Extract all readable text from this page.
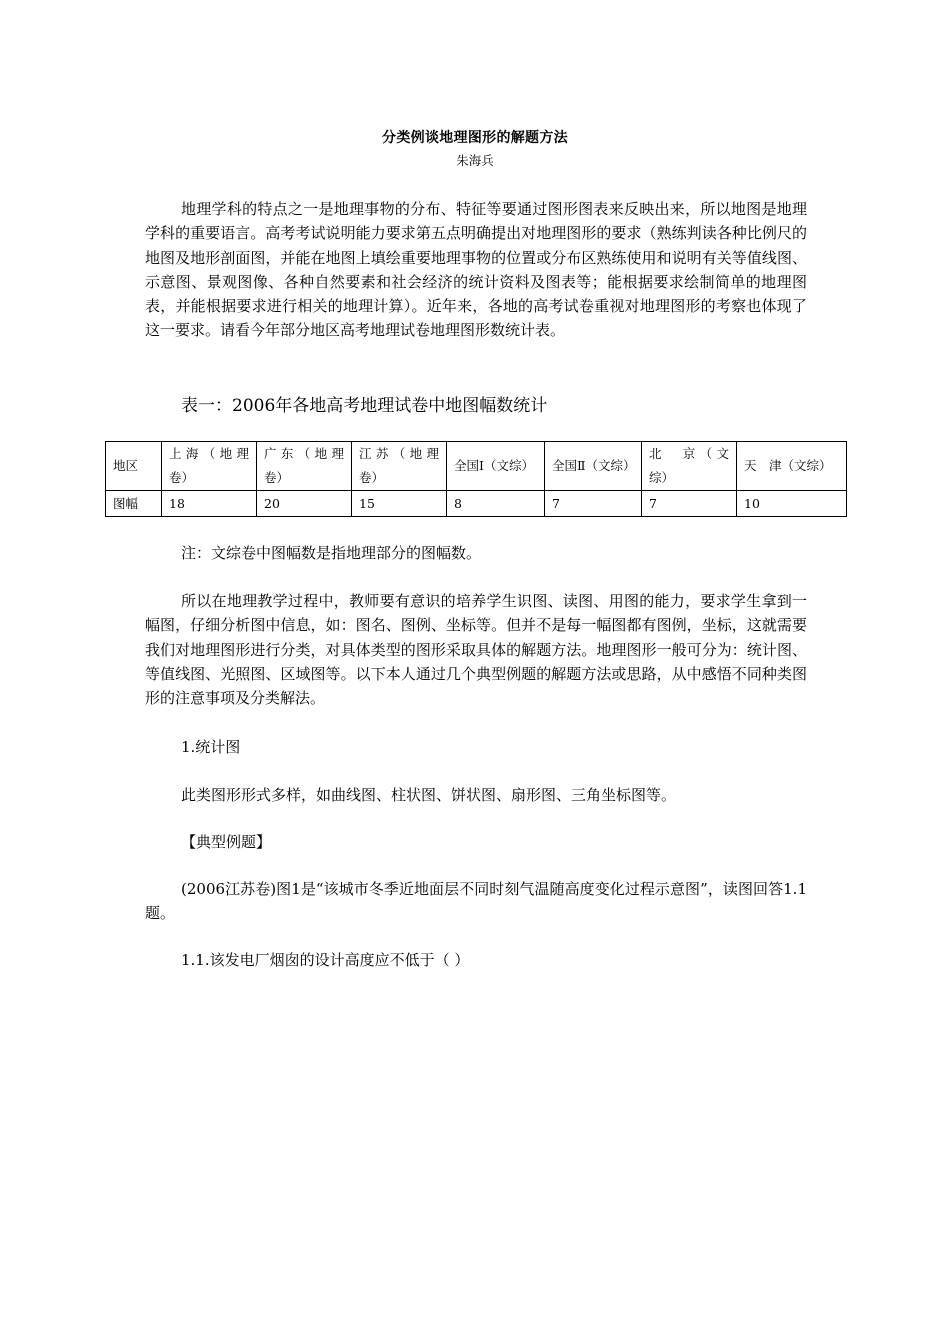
分类例谈地理图形的解题方法
朱海兵

地理学科的特点之一是地理事物的分布、特征等要通过图形图表来反映出来，所以地图是地理学科的重要语言。高考考试说明能力要求第五点明确提出对地理图形的要求（熟练判读各种比例尺的地图及地形剖面图，并能在地图上填绘重要地理事物的位置或分布区熟练使用和说明有关等值线图、示意图、景观图像、各种自然要素和社会经济的统计资料及图表等；能根据要求绘制简单的地理图表，并能根据要求进行相关的地理计算）。近年来，各地的高考试卷重视对地理图形的考察也体现了这一要求。请看今年部分地区高考地理试卷地理图形数统计表。

表一：2006年各地高考地理试卷中地图幅数统计
地区	上海（地理卷）	广东（地理卷）	江苏（地理卷）	全国Ⅰ（文综）	全国Ⅱ（文综）	北　京（文综）	天　津（文综）
图幅	18	20	15	8	7	7	10
注：文综卷中图幅数是指地理部分的图幅数。

所以在地理教学过程中，教师要有意识的培养学生识图、读图、用图的能力，要求学生拿到一幅图，仔细分析图中信息，如：图名、图例、坐标等。但并不是每一幅图都有图例，坐标，这就需要我们对地理图形进行分类，对具体类型的图形采取具体的解题方法。地理图形一般可分为：统计图、等值线图、光照图、区域图等。以下本人通过几个典型例题的解题方法或思路，从中感悟不同种类图形的注意事项及分类解法。

1.统计图
此类图形形式多样，如曲线图、柱状图、饼状图、扇形图、三角坐标图等。
【典型例题】

(2006江苏卷)图1是“该城市冬季近地面层不同时刻气温随高度变化过程示意图”，读图回答1.1题。

1.1.该发电厂烟囱的设计高度应不低于（ ）
